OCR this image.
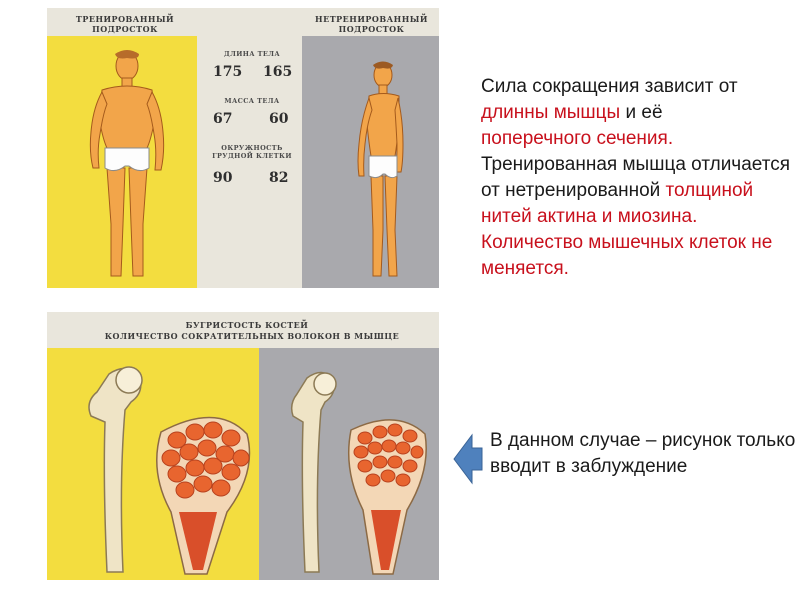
ТРЕНИРОВАННЫЙ ПОДРОСТОК
НЕТРЕНИРОВАННЫЙ ПОДРОСТОК
ДЛИНА ТЕЛА
175 165
МАССА ТЕЛА
67	60
ОКРУЖНОСТЬ ГРУДНОЙ КЛЕТКИ
90	82
БУГРИСТОСТЬ КОСТЕЙ
КОЛИЧЕСТВО СОКРАТИТЕЛЬНЫХ ВОЛОКОН В МЫШЦЕ
Сила сокращения зависит от
длинны мышцы и её
поперечного сечения.
Тренированная мышца отличается от нетренированной толщиной нитей актина и миозина. Количество мышечных клеток не меняется.
В данном случае – рисунок только вводит в заблуждение
